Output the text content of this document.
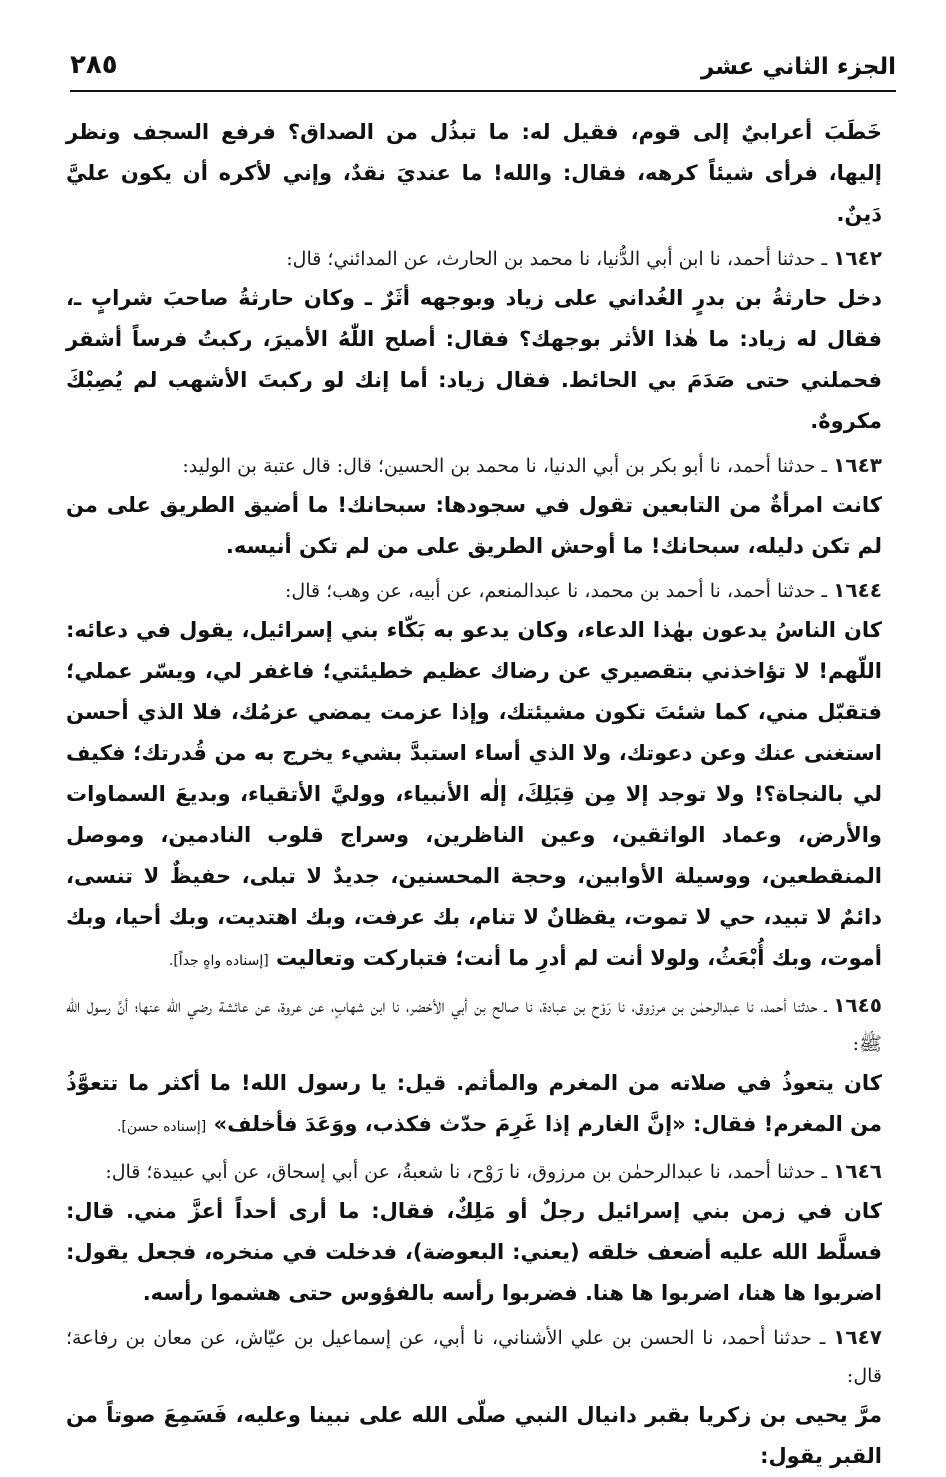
الجزء الثاني عشر
٢٨٥

خَطَبَ أعرابيٌ إلى قوم، فقيل له: ما تبذُل من الصداق؟ فرفع السجف ونظر إليها، فرأى شيئاً كرهه، فقال: والله! ما عنديَ نقدٌ، وإني لأكره أن يكون عليَّ دَينٌ.

١٦٤٢ ـ حدثنا أحمد، نا ابن أبي الدُّنيا، نا محمد بن الحارث، عن المدائني؛ قال:

دخل حارثةُ بن بدرٍ الغُداني على زياد وبوجهه أثَرٌ ـ وكان حارثةُ صاحبَ شرابٍ ـ، فقال له زياد: ما هٰذا الأثر بوجهك؟ فقال: أصلح اللّٰهُ الأميرَ، ركبتُ فرساً أشقر فحملني حتى صَدَمَ بي الحائط. فقال زياد: أما إنك لو ركبتَ الأشهب لم يُصِبْكَ مكروهٌ.

١٦٤٣ ـ حدثنا أحمد، نا أبو بكر بن أبي الدنيا، نا محمد بن الحسين؛ قال: قال عتبة بن الوليد:

كانت امرأةٌ من التابعين تقول في سجودها: سبحانك! ما أضيق الطريق على من لم تكن دليله، سبحانك! ما أوحش الطريق على من لم تكن أنيسه.

١٦٤٤ ـ حدثنا أحمد، نا أحمد بن محمد، نا عبدالمنعم، عن أبيه، عن وهب؛ قال:

كان الناسُ يدعون بهٰذا الدعاء، وكان يدعو به بَكّاء بني إسرائيل، يقول في دعائه: اللّهم! لا تؤاخذني بتقصيري عن رضاك عظيم خطيئتي؛ فاغفر لي، ويسّر عملي؛ فتقبّل مني، كما شئتَ تكون مشيئتك، وإذا عزمت يمضي عزمُك، فلا الذي أحسن استغنى عنك وعن دعوتك، ولا الذي أساء استبدَّ بشيء يخرج به من قُدرتك؛ فكيف لي بالنجاة؟! ولا توجد إلا مِن قِبَلِكَ، إلٰه الأنبياء، ووليَّ الأتقياء، وبديعَ السماوات والأرض، وعماد الواثقين، وعين الناظرين، وسراج قلوب النادمين، وموصل المنقطعين، ووسيلة الأوابين، وحجة المحسنين، جديدٌ لا تبلى، حفيظٌ لا تنسى، دائمٌ لا تبيد، حي لا تموت، يقظانٌ لا تنام، بك عرفت، وبك اهتديت، وبك أحيا، وبك أموت، وبك أُبْعَثُ، ولولا أنت لم أدرِ ما أنت؛ فتباركت وتعاليت [إسناده واهٍ جداً].

١٦٤٥ ـ حدثنا أحمد، نا عبدالرحمٰن بن مرزوق، نا رَوْح بن عبادة، نا صالح بن أبي الأخضر، نا ابن شهابٍ، عن عروة، عن عائشة رضي الله عنها؛ أنَّ رسول الله ﷺ:

كان يتعوذُ في صلاته من المغرم والمأثم. قيل: يا رسول الله! ما أكثر ما تتعوَّذُ من المغرم! فقال: «إنَّ الغارم إذا غَرِمَ حدّث فكذب، ووَعَدَ فأخلف» [إسناده حسن].

١٦٤٦ ـ حدثنا أحمد، نا عبدالرحمٰن بن مرزوق، نا رَوْح، نا شعبةُ، عن أبي إسحاق، عن أبي عبيدة؛ قال:

كان في زمن بني إسرائيل رجلٌ أو مَلِكٌ، فقال: ما أرى أحداً أعزَّ مني. قال: فسلَّط الله عليه أضعف خلقه (يعني: البعوضة)، فدخلت في منخره، فجعل يقول: اضربوا ها هنا، اضربوا ها هنا. فضربوا رأسه بالفؤوس حتى هشموا رأسه.

١٦٤٧ ـ حدثنا أحمد، نا الحسن بن علي الأشناني، نا أبي، عن إسماعيل بن عيّاش، عن معان بن رفاعة؛ قال:

مرَّ يحيى بن زكريا بقبر دانيال النبي صلّى الله على نبينا وعليه، فَسَمِعَ صوتاً من القبر يقول:
